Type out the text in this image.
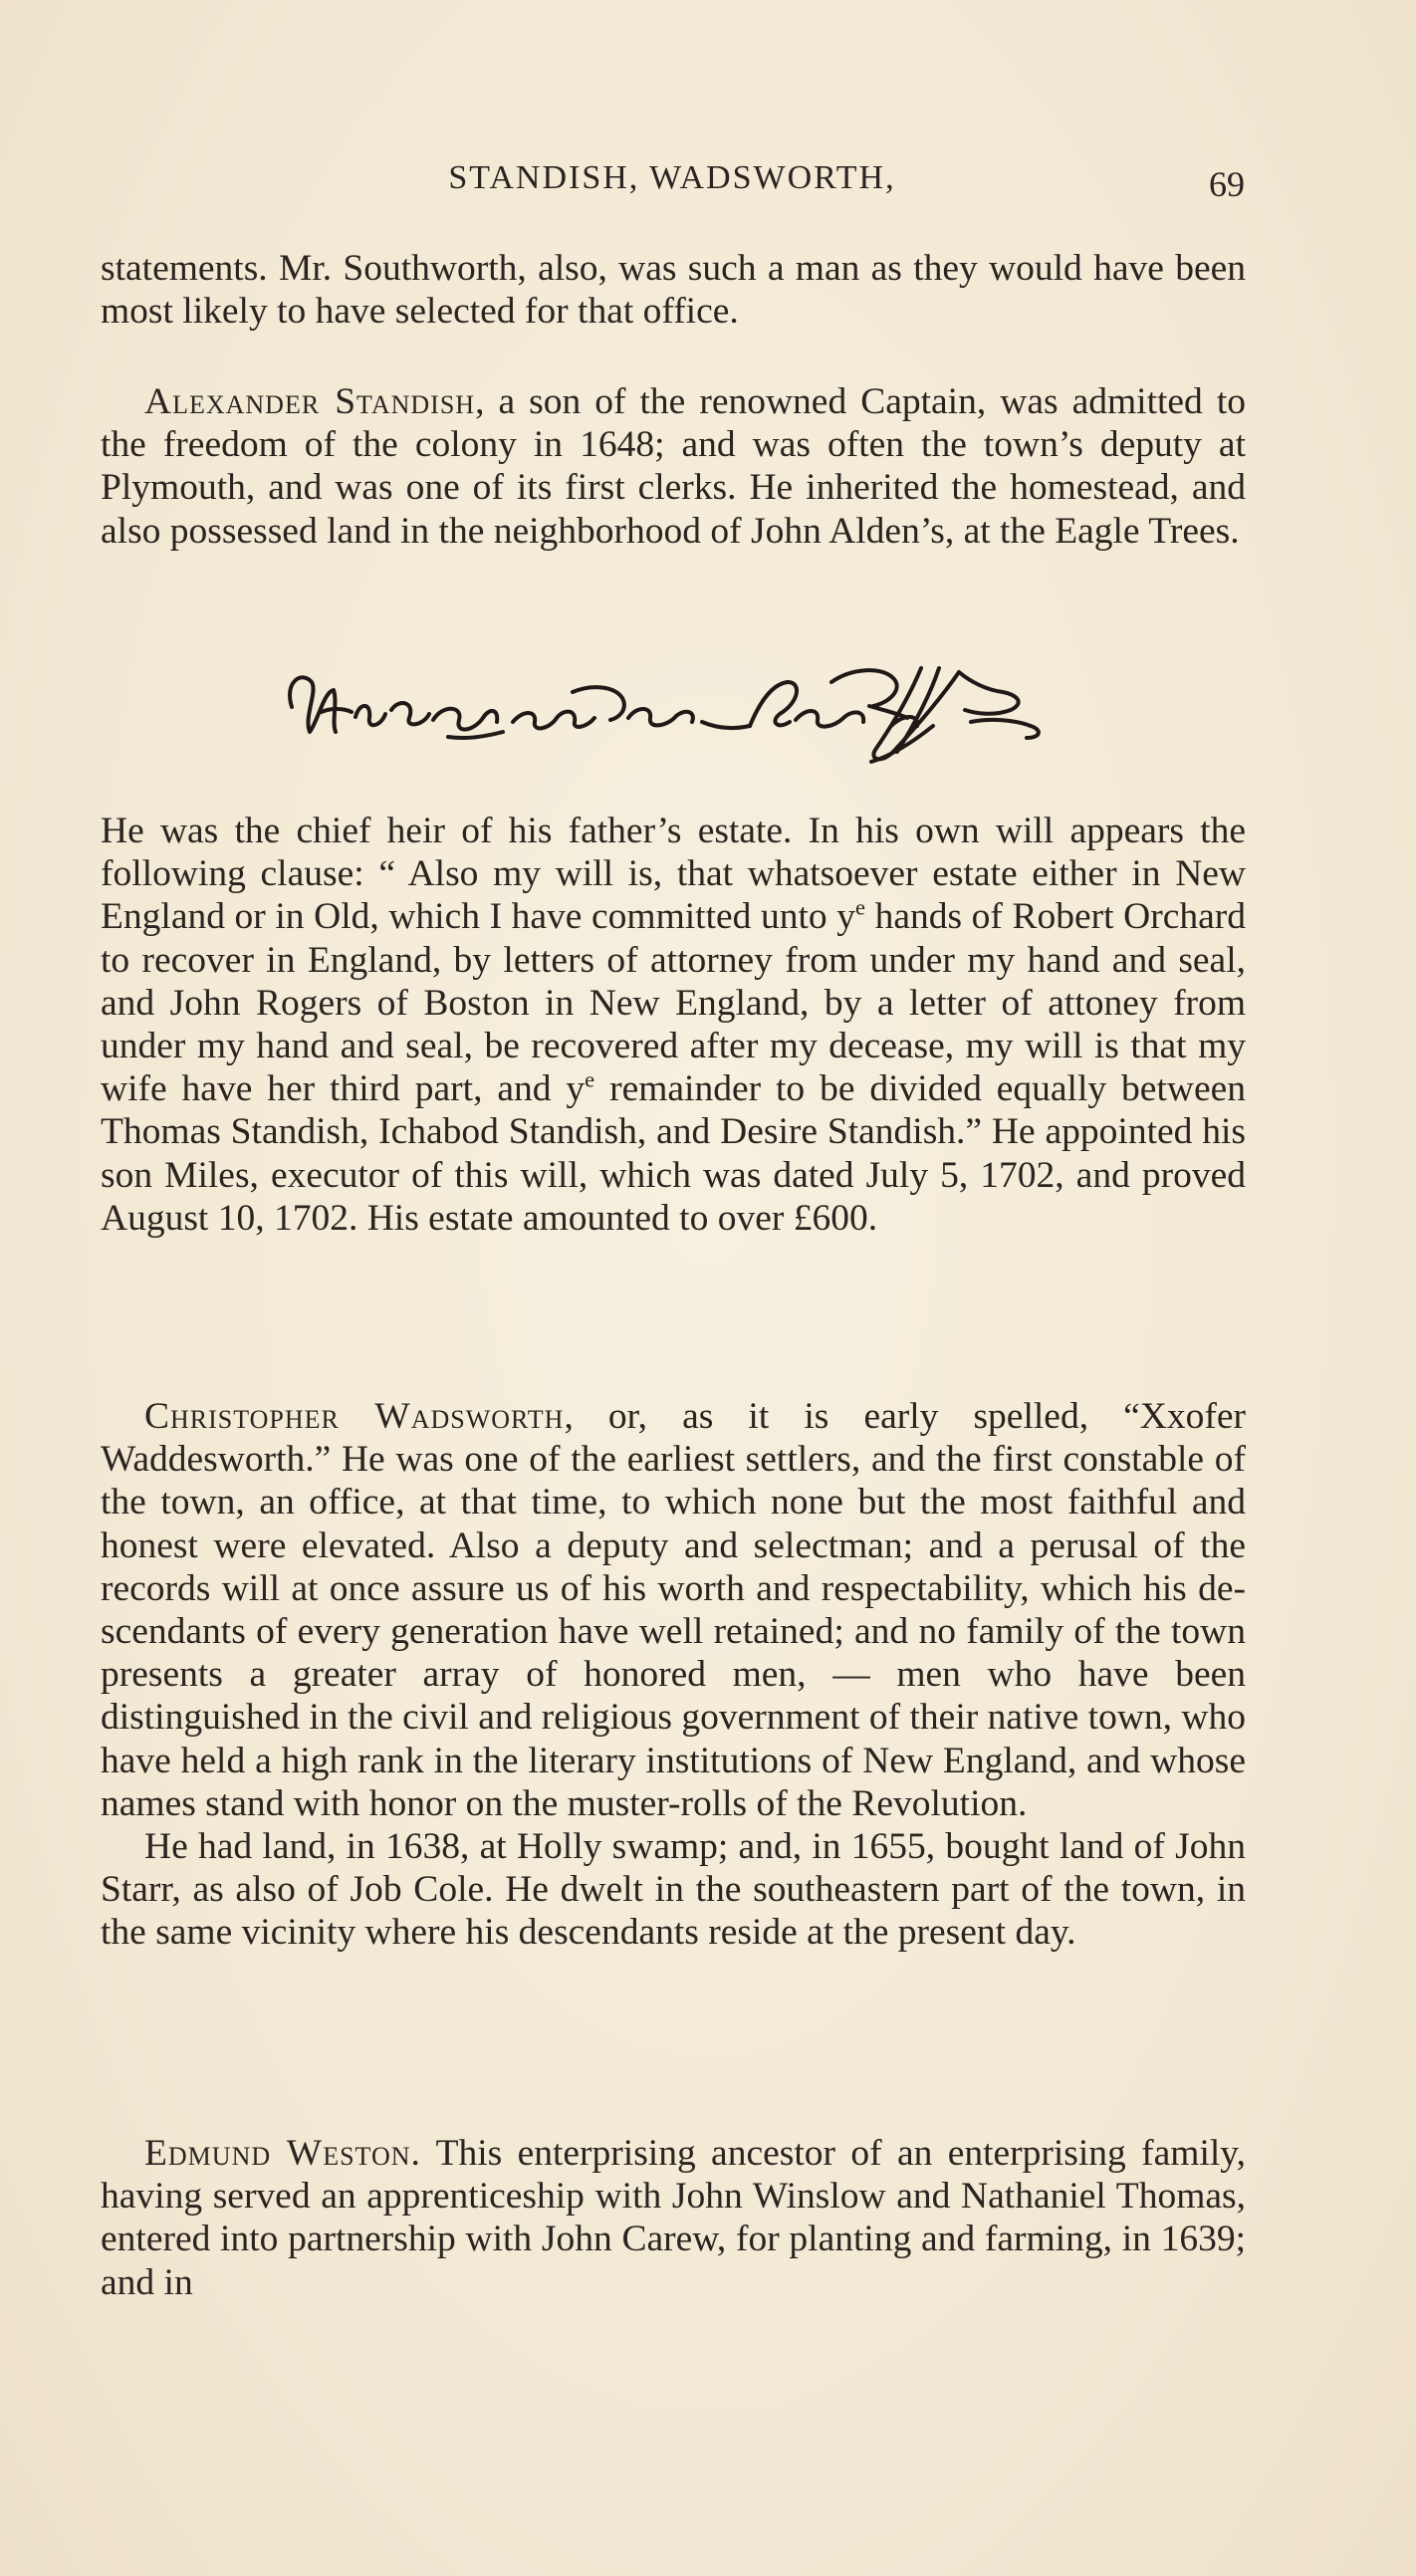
STANDISH, WADSWORTH,	69

statements. Mr. Southworth, also, was such a man as they would have been most likely to have selected for that office.

Alexander Standish, a son of the renowned Captain, was admitted to the freedom of the colony in 1648; and was often the town’s deputy at Plymouth, and was one of its first clerks. He inherited the homestead, and also possessed land in the neighborhood of John Alden’s, at the Eagle Trees.

He was the chief heir of his father’s estate. In his own will appears the following clause: “ Also my will is, that whatsoever estate either in New England or in Old, which I have committed unto $y^e$ hands of Robert Orchard to recover in England, by letters of attorney from under my hand and seal, and John Rogers of Boston in New England, by a letter of attoney from under my hand and seal, be recovered after my decease, my will is that my wife have her third part, and $y^e$ remainder to be divided equally between Thomas Standish, Ichabod Standish, and Desire Standish.” He appointed his son Miles, executor of this will, which was dated July 5, 1702, and proved August 10, 1702. His estate amounted to over £600.

Christopher Wadsworth, or, as it is early spelled, “Xxofer Waddesworth.” He was one of the earliest settlers, and the first constable of the town, an office, at that time, to which none but the most faithful and honest were elevated. Also a deputy and selectman; and a perusal of the records will at once assure us of his worth and respectability, which his descendants of every generation have well retained; and no family of the town presents a greater array of honored men, — men who have been distinguished in the civil and religious government of their native town, who have held a high rank in the literary institutions of New England, and whose names stand with honor on the muster-rolls of the Revolution.

He had land, in 1638, at Holly swamp; and, in 1655, bought land of John Starr, as also of Job Cole. He dwelt in the southeastern part of the town, in the same vicinity where his descendants reside at the present day.

Edmund Weston. This enterprising ancestor of an enterprising family, having served an apprenticeship with John Winslow and Nathaniel Thomas, entered into partnership with John Carew, for planting and farming, in 1639; and in
